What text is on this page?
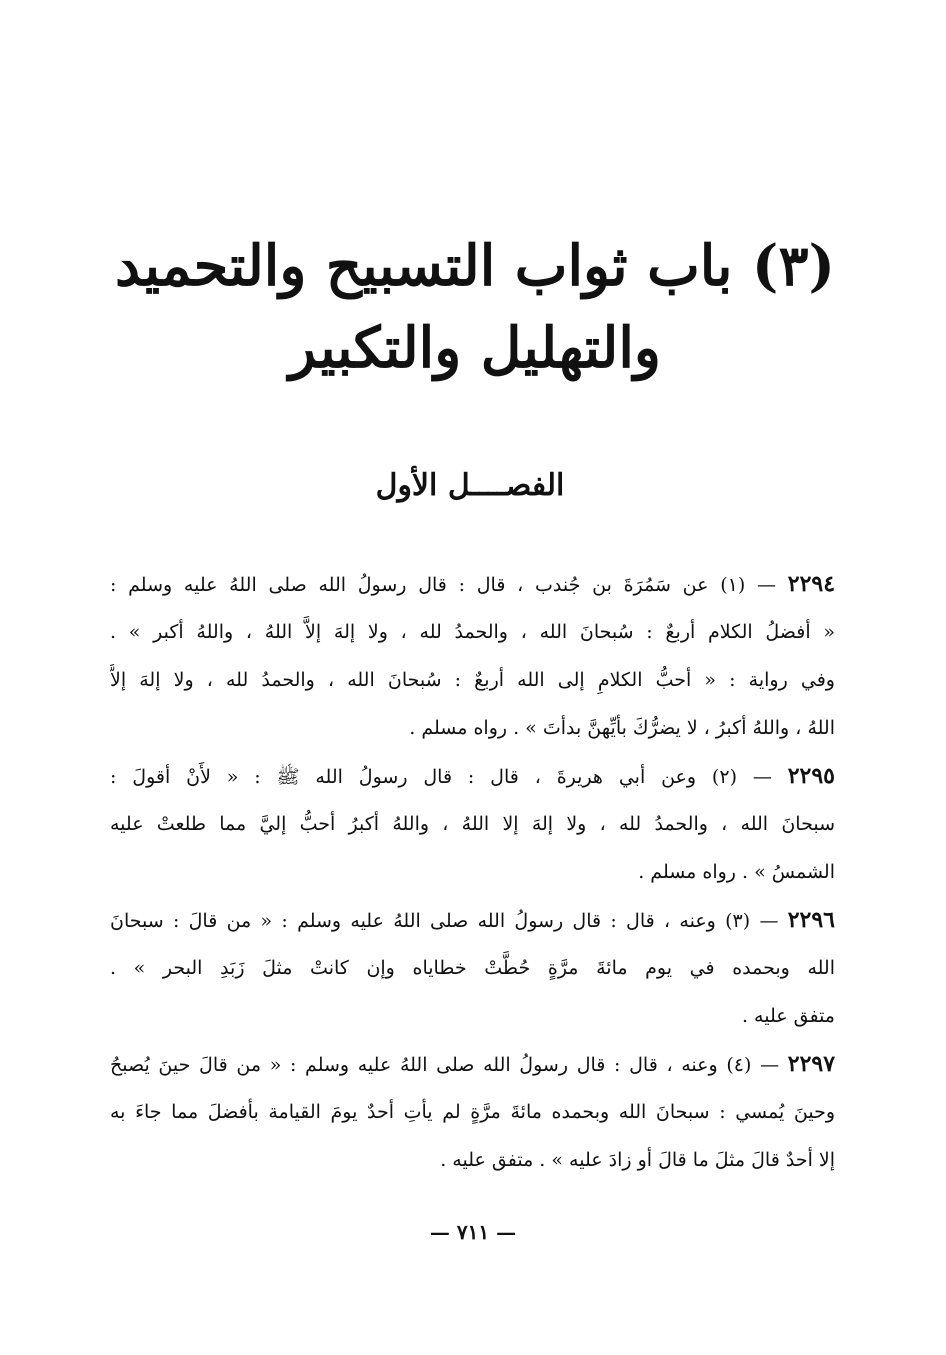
(٣) باب ثواب التسبيح والتحميد
والتهليل والتكبير
الفصــــل الأول
٢٢٩٤ — (١) عن سَمُرَةَ بن جُندب ، قال : قال رسولُ الله صلى اللهُ عليه وسلم :
« أفضلُ الكلام أربعٌ : سُبحانَ الله ، والحمدُ لله ، ولا إلهَ إلاَّ اللهُ ، واللهُ أكبر » .
وفي رواية : « أحبُّ الكلامِ إلى الله أربعٌ : سُبحانَ الله ، والحمدُ لله ، ولا إلهَ إلاَّ
اللهُ ، واللهُ أكبرُ ، لا يضرُّكَ بأيِّهنَّ بدأتَ » . رواه مسلم .
٢٢٩٥ — (٢) وعن أبي هريرةَ ، قال : قال رسولُ الله ﷺ : « لأَنْ أقولَ :
سبحانَ الله ، والحمدُ لله ، ولا إلهَ إلا اللهُ ، واللهُ أكبرُ أحبُّ إليَّ مما طلعتْ عليه
الشمسُ » . رواه مسلم .
٢٢٩٦ — (٣) وعنه ، قال : قال رسولُ الله صلى اللهُ عليه وسلم : « من قالَ : سبحانَ
الله وبحمده في يوم مائةَ مرَّةٍ حُطَّتْ خطاياه وإن كانتْ مثلَ زَبَدِ البحر » .
متفق عليه .
٢٢٩٧ — (٤) وعنه ، قال : قال رسولُ الله صلى اللهُ عليه وسلم : « من قالَ حينَ يُصبحُ
وحينَ يُمسي : سبحانَ الله وبحمده مائةَ مرَّةٍ لم يأتِ أحدٌ يومَ القيامة بأفضلَ مما جاءَ به
إلا أحدٌ قالَ مثلَ ما قالَ أو زادَ عليه » . متفق عليه .
— ٧١١ —
